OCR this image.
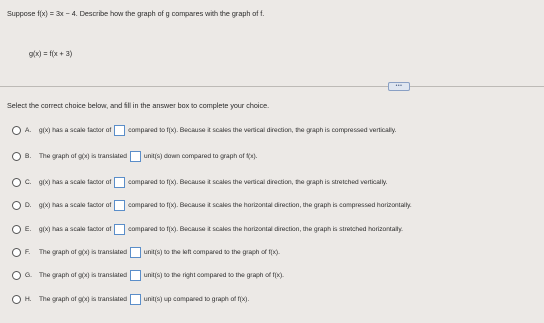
Suppose f(x) = 3x − 4. Describe how the graph of g compares with the graph of f.
g(x) = f(x + 3)
•••
Select the correct choice below, and fill in the answer box to complete your choice.
A.	g(x) has a scale factor of	compared to f(x). Because it scales the vertical direction, the graph is compressed vertically.
B.	The graph of g(x) is translated	unit(s) down compared to graph of f(x).
C.	g(x) has a scale factor of	compared to f(x). Because it scales the vertical direction, the graph is stretched vertically.
D.	g(x) has a scale factor of	compared to f(x). Because it scales the horizontal direction, the graph is compressed horizontally.
E.	g(x) has a scale factor of	compared to f(x). Because it scales the horizontal direction, the graph is stretched horizontally.
F.	The graph of g(x) is translated	unit(s) to the left compared to the graph of f(x).
G.	The graph of g(x) is translated	unit(s) to the right compared to the graph of f(x).
H.	The graph of g(x) is translated	unit(s) up compared to graph of f(x).
